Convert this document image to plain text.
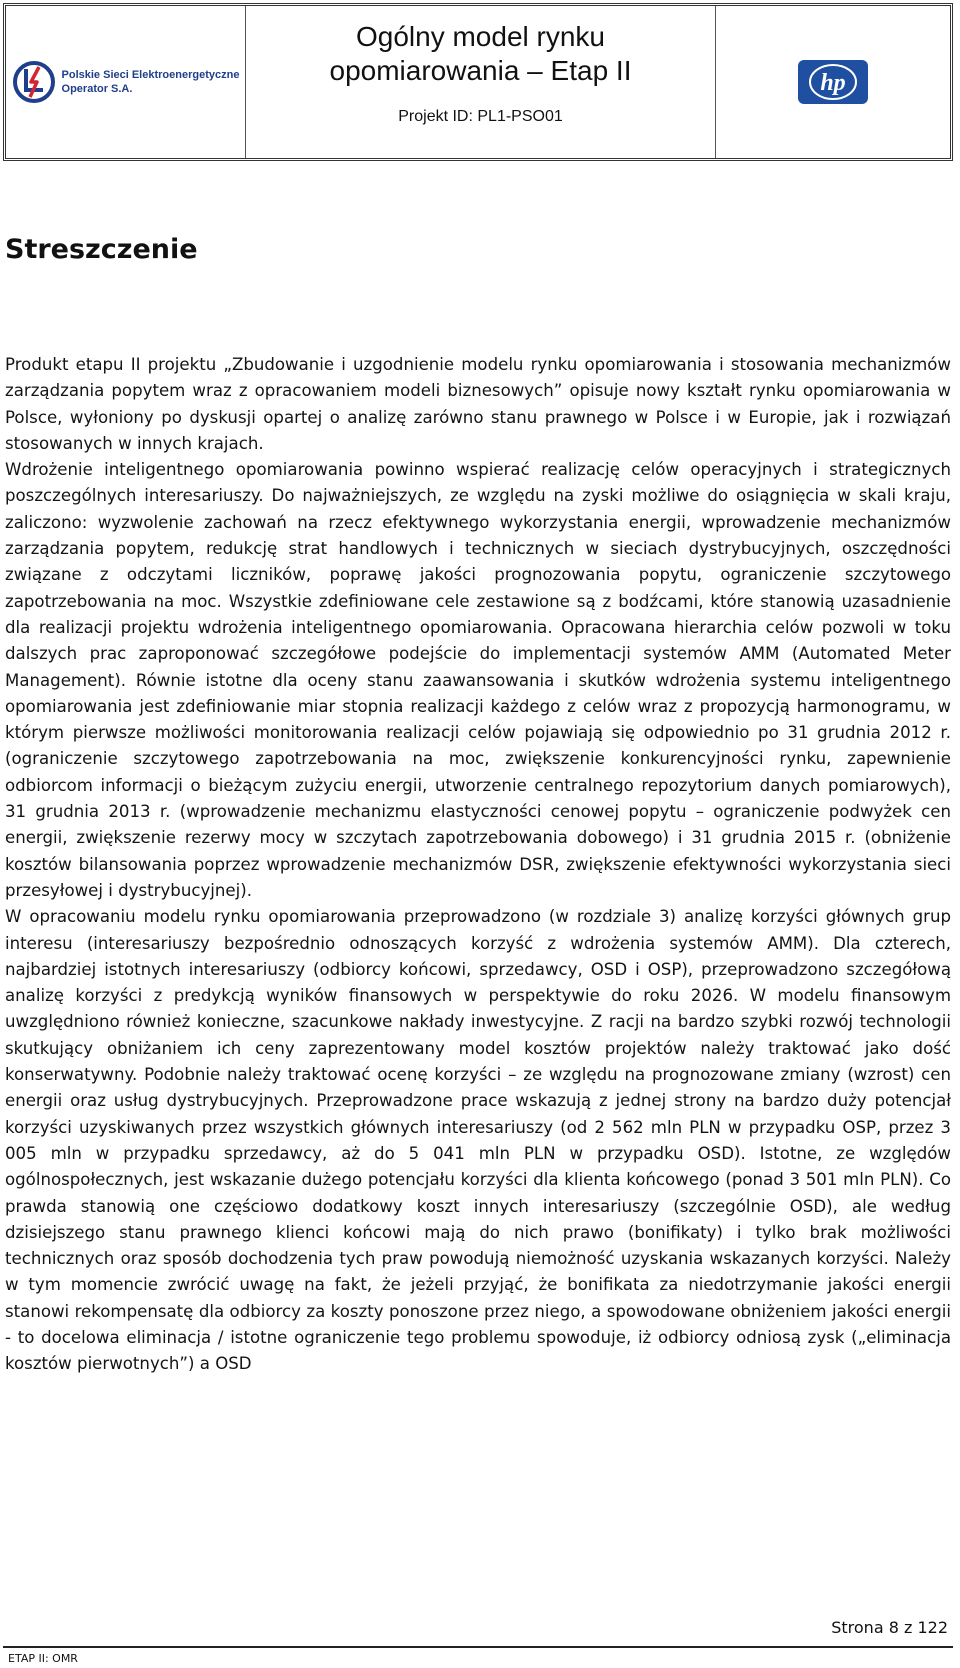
Polskie Sieci Elektroenergetyczne
Operator S.A.
Ogólny model rynku
opomiarowania – Etap II
Projekt ID: PL1-PSO01
hp
Streszczenie

Produkt etapu II projektu „Zbudowanie i uzgodnienie modelu rynku opomiarowania i stosowania mechanizmów zarządzania popytem wraz z opracowaniem modeli biznesowych” opisuje nowy kształt rynku opomiarowania w Polsce, wyłoniony po dyskusji opartej o analizę zarówno stanu prawnego w Polsce i w Europie, jak i rozwiązań stosowanych w innych krajach.

Wdrożenie inteligentnego opomiarowania powinno wspierać realizację celów operacyjnych i strategicznych poszczególnych interesariuszy. Do najważniejszych, ze względu na zyski możliwe do osiągnięcia w skali kraju, zaliczono: wyzwolenie zachowań na rzecz efektywnego wykorzystania energii, wprowadzenie mechanizmów zarządzania popytem, redukcję strat handlowych i technicznych w sieciach dystrybucyjnych, oszczędności związane z odczytami liczników, poprawę jakości prognozowania popytu, ograniczenie szczytowego zapotrzebowania na moc. Wszystkie zdefiniowane cele zestawione są z bodźcami, które stanowią uzasadnienie dla realizacji projektu wdrożenia inteligentnego opomiarowania. Opracowana hierarchia celów pozwoli w toku dalszych prac zaproponować szczegółowe podejście do implementacji systemów AMM (Automated Meter Management). Równie istotne dla oceny stanu zaawansowania i skutków wdrożenia systemu inteligentnego opomiarowania jest zdefiniowanie miar stopnia realizacji każdego z celów wraz z propozycją harmonogramu, w którym pierwsze możliwości monitorowania realizacji celów pojawiają się odpowiednio po 31 grudnia 2012 r. (ograniczenie szczytowego zapotrzebowania na moc, zwiększenie konkurencyjności rynku, zapewnienie odbiorcom informacji o bieżącym zużyciu energii, utworzenie centralnego repozytorium danych pomiarowych), 31 grudnia 2013 r. (wprowadzenie mechanizmu elastyczności cenowej popytu – ograniczenie podwyżek cen energii, zwiększenie rezerwy mocy w szczytach zapotrzebowania dobowego) i 31 grudnia 2015 r. (obniżenie kosztów bilansowania poprzez wprowadzenie mechanizmów DSR, zwiększenie efektywności wykorzystania sieci przesyłowej i dystrybucyjnej).

W opracowaniu modelu rynku opomiarowania przeprowadzono (w rozdziale 3) analizę korzyści głównych grup interesu (interesariuszy bezpośrednio odnoszących korzyść z wdrożenia systemów AMM). Dla czterech, najbardziej istotnych interesariuszy (odbiorcy końcowi, sprzedawcy, OSD i OSP), przeprowadzono szczegółową analizę korzyści z predykcją wyników finansowych w perspektywie do roku 2026. W modelu finansowym uwzględniono również konieczne, szacunkowe nakłady inwestycyjne. Z racji na bardzo szybki rozwój technologii skutkujący obniżaniem ich ceny zaprezentowany model kosztów projektów należy traktować jako dość konserwatywny. Podobnie należy traktować ocenę korzyści – ze względu na prognozowane zmiany (wzrost) cen energii oraz usług dystrybucyjnych. Przeprowadzone prace wskazują z jednej strony na bardzo duży potencjał korzyści uzyskiwanych przez wszystkich głównych interesariuszy (od 2 562 mln PLN w przypadku OSP, przez 3 005 mln w przypadku sprzedawcy, aż do 5 041 mln PLN w przypadku OSD). Istotne, ze względów ogólnospołecznych, jest wskazanie dużego potencjału korzyści dla klienta końcowego (ponad 3 501 mln PLN). Co prawda stanowią one częściowo dodatkowy koszt innych interesariuszy (szczególnie OSD), ale według dzisiejszego stanu prawnego klienci końcowi mają do nich prawo (bonifikaty) i tylko brak możliwości technicznych oraz sposób dochodzenia tych praw powodują niemożność uzyskania wskazanych korzyści. Należy w tym momencie zwrócić uwagę na fakt, że jeżeli przyjąć, że bonifikata za niedotrzymanie jakości energii stanowi rekompensatę dla odbiorcy za koszty ponoszone przez niego, a spowodowane obniżeniem jakości energii - to docelowa eliminacja / istotne ograniczenie tego problemu spowoduje, iż odbiorcy odniosą zysk („eliminacja kosztów pierwotnych”) a OSD

Strona 8 z 122
ETAP II: OMR
